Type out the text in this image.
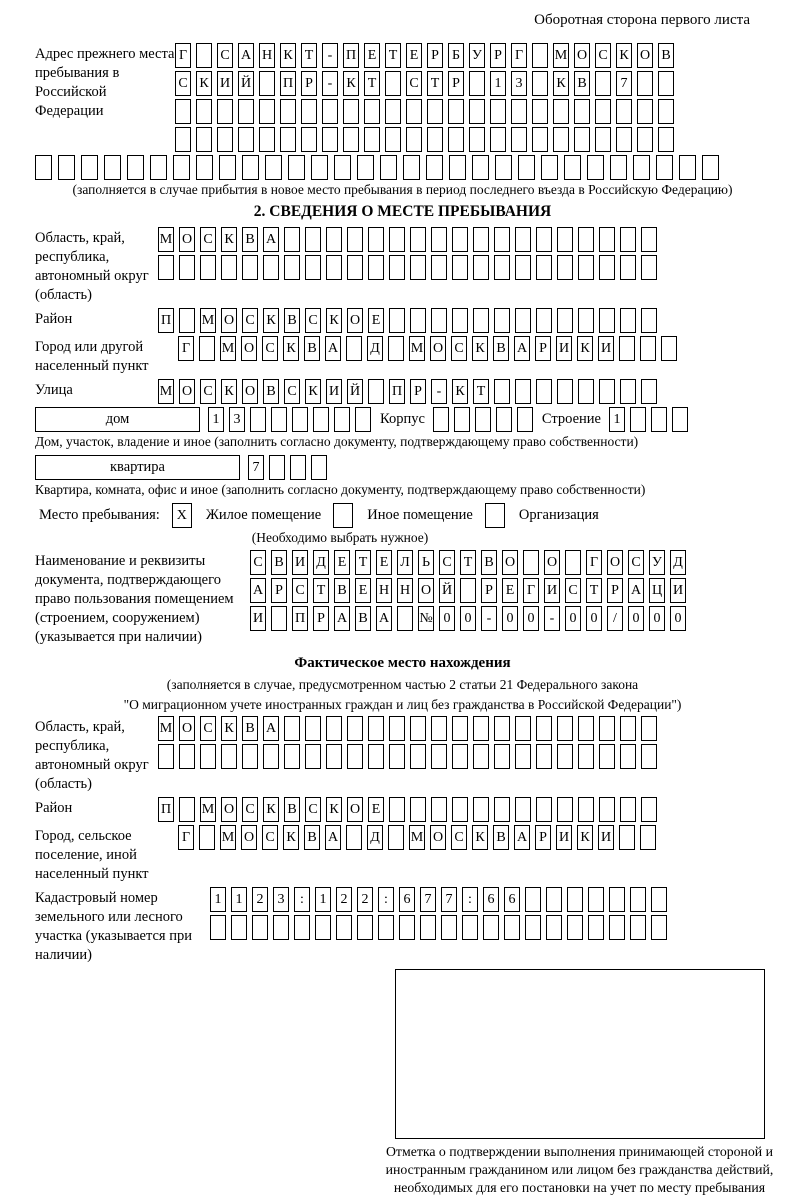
Оборотная сторона первого листа
Адрес прежнего места пребывания в Российской Федерации
Г С А Н К Т	- П Е Т Е Р Б У Р Г М О С К О В
С К И Й П Р	-	К Т С Т Р	1	3	К В	7
(заполняется в случае прибытия в новое место пребывания в период последнего въезда в Российскую Федерацию)
2. СВЕДЕНИЯ О МЕСТЕ ПРЕБЫВАНИЯ
Область, край, республика, автономный округ (область)
М О С К В А
Район	П М О С К В С К О Е
Город или другой населенный пункт
Г М О С К В А Д М О С К В А Р И К И
Улица	М О С К О В С К И Й П Р	-	К Т
дом	1	3	Корпус	Строение 1
Дом, участок, владение и иное (заполнить согласно документу, подтверждающему право собственности)
квартира	7
Квартира, комната, офис и иное (заполнить согласно документу, подтверждающему право собственности)
Место пребывания:	X	Жилое помещение	Иное помещение	Организация
(Необходимо выбрать нужное)
Наименование и реквизиты документа, подтверждающего право пользования помещением (строением, сооружением) (указывается при наличии)
С В И Д Е Т Е Л Ь С Т В О О Г О С У Д
А Р С Т В Е Н Н О Й Р Е Г И С Т Р А Ц И
И П Р А В А № 0	0	-	0	0	-	0	0	/	0	0	0
Фактическое место нахождения
(заполняется в случае, предусмотренном частью 2 статьи 21 Федерального закона
"О миграционном учете иностранных граждан и лиц без гражданства в Российской Федерации")
Область, край, республика, автономный округ (область)
М О С К В А
Район	П М О С К В С К О Е
Город, сельское поселение, иной населенный пункт
Г М О С К В А Д М О С К В А Р И К И
Кадастровый номер земельного или лесного участка (указывается при наличии)
1	1	2	3	:	1	2	2	:	6	7	7	:	6	6
Отметка о подтверждении выполнения принимающей стороной и иностранным гражданином или лицом без гражданства действий, необходимых для его постановки на учет по месту пребывания
